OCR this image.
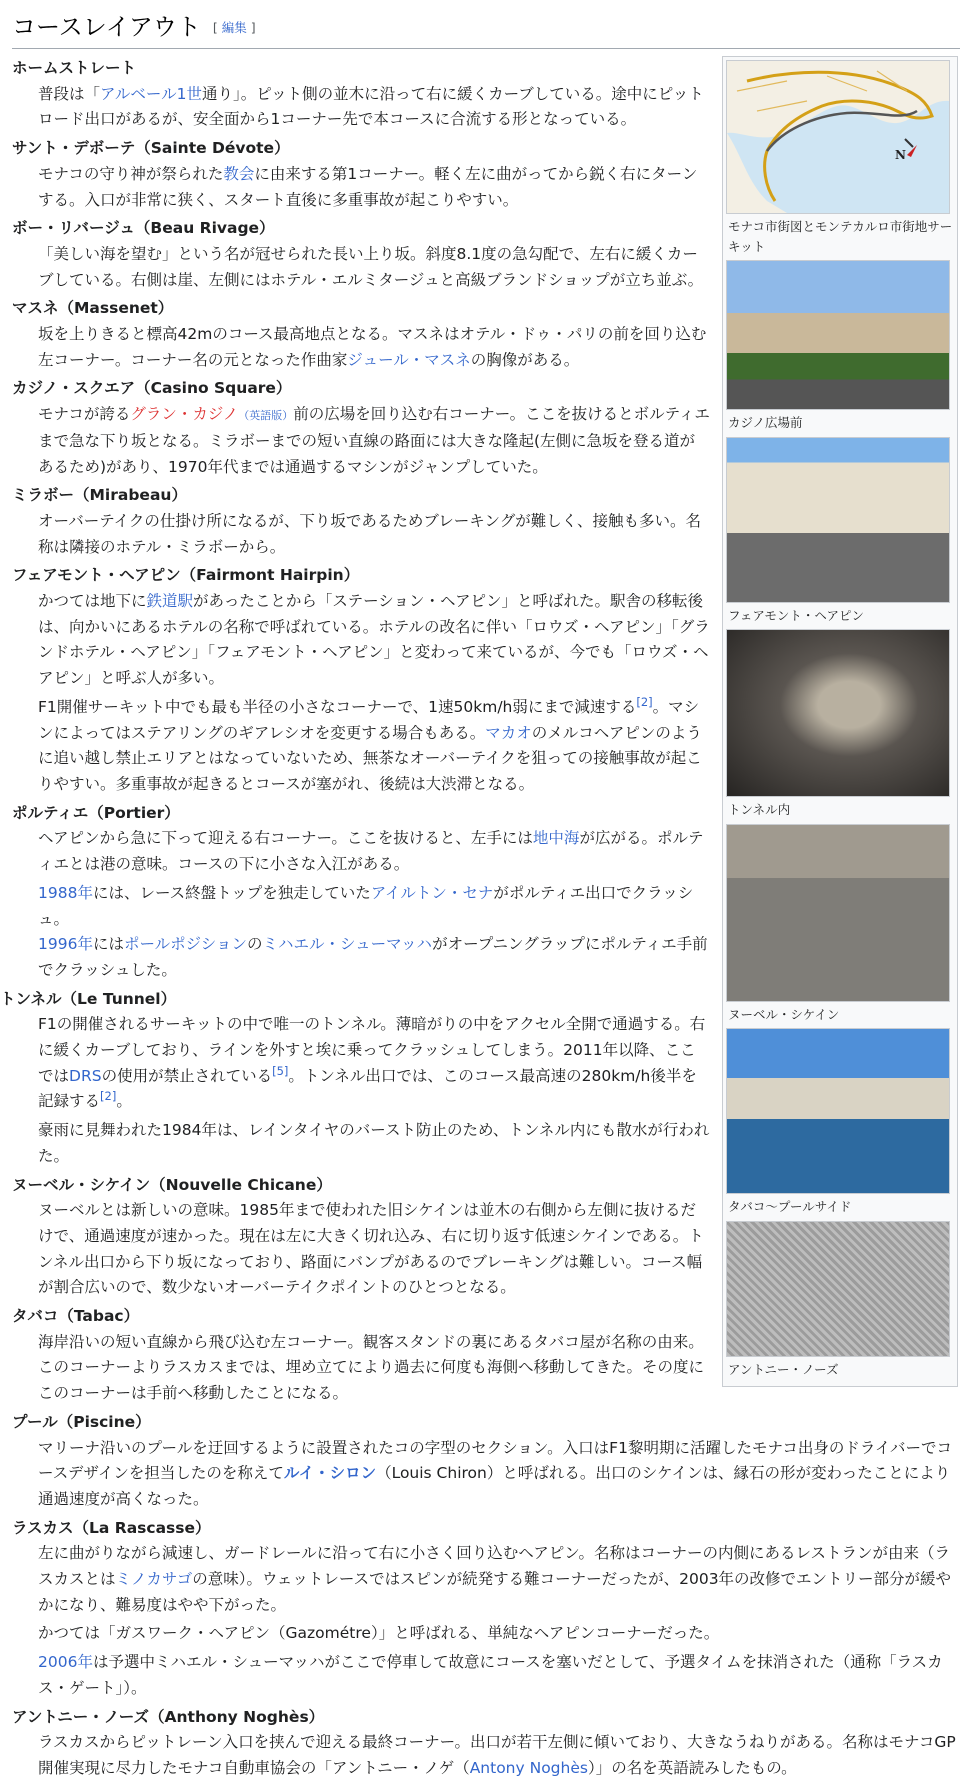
コースレイアウト [ 編集 ]
N
モナコ市街図とモンテカルロ市街地サーキット
カジノ広場前
フェアモント・ヘアピン
トンネル内
ヌーベル・シケイン
タバコ～プールサイド
アントニー・ノーズ
ホームストレート

普段は「アルベール1世通り」。ピット側の並木に沿って右に緩くカーブしている。途中にピットロード出口があるが、安全面から1コーナー先で本コースに合流する形となっている。

サント・デボーテ（Sainte Dévote）

モナコの守り神が祭られた教会に由来する第1コーナー。軽く左に曲がってから鋭く右にターンする。入口が非常に狭く、スタート直後に多重事故が起こりやすい。

ボー・リバージュ（Beau Rivage）

「美しい海を望む」という名が冠せられた長い上り坂。斜度8.1度の急勾配で、左右に緩くカーブしている。右側は崖、左側にはホテル・エルミタージュと高級ブランドショップが立ち並ぶ。

マスネ（Massenet）

坂を上りきると標高42mのコース最高地点となる。マスネはオテル・ドゥ・パリの前を回り込む左コーナー。コーナー名の元となった作曲家ジュール・マスネの胸像がある。

カジノ・スクエア（Casino Square）

モナコが誇るグラン・カジノ（英語版）前の広場を回り込む右コーナー。ここを抜けるとボルティエまで急な下り坂となる。ミラボーまでの短い直線の路面には大きな隆起(左側に急坂を登る道があるため)があり、1970年代までは通過するマシンがジャンプしていた。

ミラボー（Mirabeau）

オーバーテイクの仕掛け所になるが、下り坂であるためブレーキングが難しく、接触も多い。名称は隣接のホテル・ミラボーから。

フェアモント・ヘアピン（Fairmont Hairpin）

かつては地下に鉄道駅があったことから「ステーション・ヘアピン」と呼ばれた。駅舎の移転後は、向かいにあるホテルの名称で呼ばれている。ホテルの改名に伴い「ロウズ・ヘアピン」「グランドホテル・ヘアピン」「フェアモント・ヘアピン」と変わって来ているが、今でも「ロウズ・ヘアピン」と呼ぶ人が多い。

F1開催サーキット中でも最も半径の小さなコーナーで、1速50km/h弱にまで減速する[2]。マシンによってはステアリングのギアレシオを変更する場合もある。マカオのメルコヘアピンのように追い越し禁止エリアとはなっていないため、無茶なオーバーテイクを狙っての接触事故が起こりやすい。多重事故が起きるとコースが塞がれ、後続は大渋滞となる。

ポルティエ（Portier）

ヘアピンから急に下って迎える右コーナー。ここを抜けると、左手には地中海が広がる。ポルティエとは港の意味。コースの下に小さな入江がある。

1988年には、レース終盤トップを独走していたアイルトン・セナがポルティエ出口でクラッシュ。

1996年にはポールポジションのミハエル・シューマッハがオープニングラップにポルティエ手前でクラッシュした。

トンネル（Le Tunnel）

F1の開催されるサーキットの中で唯一のトンネル。薄暗がりの中をアクセル全開で通過する。右に緩くカーブしており、ラインを外すと埃に乗ってクラッシュしてしまう。2011年以降、ここではDRSの使用が禁止されている[5]。トンネル出口では、このコース最高速の280km/h後半を記録する[2]。

豪雨に見舞われた1984年は、レインタイヤのバースト防止のため、トンネル内にも散水が行われた。

ヌーベル・シケイン（Nouvelle Chicane）

ヌーベルとは新しいの意味。1985年まで使われた旧シケインは並木の右側から左側に抜けるだけで、通過速度が速かった。現在は左に大きく切れ込み、右に切り返す低速シケインである。トンネル出口から下り坂になっており、路面にバンプがあるのでブレーキングは難しい。コース幅が割合広いので、数少ないオーバーテイクポイントのひとつとなる。

タバコ（Tabac）

海岸沿いの短い直線から飛び込む左コーナー。観客スタンドの裏にあるタバコ屋が名称の由来。このコーナーよりラスカスまでは、埋め立てにより過去に何度も海側へ移動してきた。その度にこのコーナーは手前へ移動したことになる。

プール（Piscine）

マリーナ沿いのプールを迂回するように設置されたコの字型のセクション。入口はF1黎明期に活躍したモナコ出身のドライバーでコースデザインを担当したのを称えてルイ・シロン（Louis Chiron）と呼ばれる。出口のシケインは、縁石の形が変わったことにより通過速度が高くなった。

ラスカス（La Rascasse）

左に曲がりながら減速し、ガードレールに沿って右に小さく回り込むヘアピン。名称はコーナーの内側にあるレストランが由来（ラスカスとはミノカサゴの意味）。ウェットレースではスピンが続発する難コーナーだったが、2003年の改修でエントリー部分が緩やかになり、難易度はやや下がった。

かつては「ガスワーク・ヘアピン（Gazométre）」と呼ばれる、単純なヘアピンコーナーだった。

2006年は予選中ミハエル・シューマッハがここで停車して故意にコースを塞いだとして、予選タイムを抹消された（通称「ラスカス・ゲート」）。

アントニー・ノーズ（Anthony Noghès）

ラスカスからピットレーン入口を挟んで迎える最終コーナー。出口が若干左側に傾いており、大きなうねりがある。名称はモナコGP開催実現に尽力したモナコ自動車協会の「アントニー・ノゲ（Antony Noghès）」の名を英語読みしたもの。
